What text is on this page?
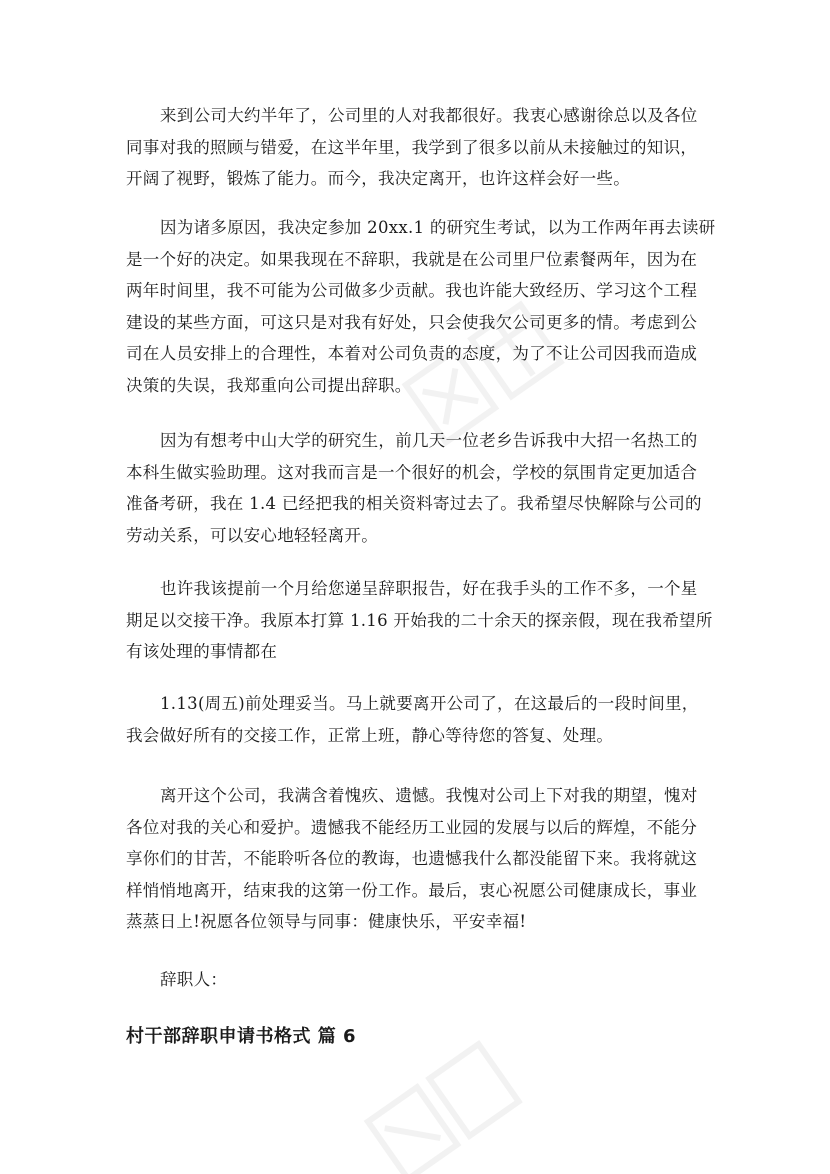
来到公司大约半年了，公司里的人对我都很好。我衷心感谢徐总以及各位
同事对我的照顾与错爱，在这半年里，我学到了很多以前从未接触过的知识，
开阔了视野，锻炼了能力。而今，我决定离开，也许这样会好一些。
因为诸多原因，我决定参加 20xx.1 的研究生考试，以为工作两年再去读研
是一个好的决定。如果我现在不辞职，我就是在公司里尸位素餐两年，因为在
两年时间里，我不可能为公司做多少贡献。我也许能大致经历、学习这个工程
建设的某些方面，可这只是对我有好处，只会使我欠公司更多的情。考虑到公
司在人员安排上的合理性，本着对公司负责的态度，为了不让公司因我而造成
决策的失误，我郑重向公司提出辞职。
因为有想考中山大学的研究生，前几天一位老乡告诉我中大招一名热工的
本科生做实验助理。这对我而言是一个很好的机会，学校的氛围肯定更加适合
准备考研，我在 1.4 已经把我的相关资料寄过去了。我希望尽快解除与公司的
劳动关系，可以安心地轻轻离开。
也许我该提前一个月给您递呈辞职报告，好在我手头的工作不多，一个星
期足以交接干净。我原本打算 1.16 开始我的二十余天的探亲假，现在我希望所
有该处理的事情都在
1.13(周五)前处理妥当。马上就要离开公司了，在这最后的一段时间里，
我会做好所有的交接工作，正常上班，静心等待您的答复、处理。
离开这个公司，我满含着愧疚、遗憾。我愧对公司上下对我的期望，愧对
各位对我的关心和爱护。遗憾我不能经历工业园的发展与以后的辉煌，不能分
享你们的甘苦，不能聆听各位的教诲，也遗憾我什么都没能留下来。我将就这
样悄悄地离开，结束我的这第一份工作。最后，衷心祝愿公司健康成长，事业
蒸蒸日上!祝愿各位领导与同事：健康快乐，平安幸福!
辞职人：
村干部辞职申请书格式 篇 6
